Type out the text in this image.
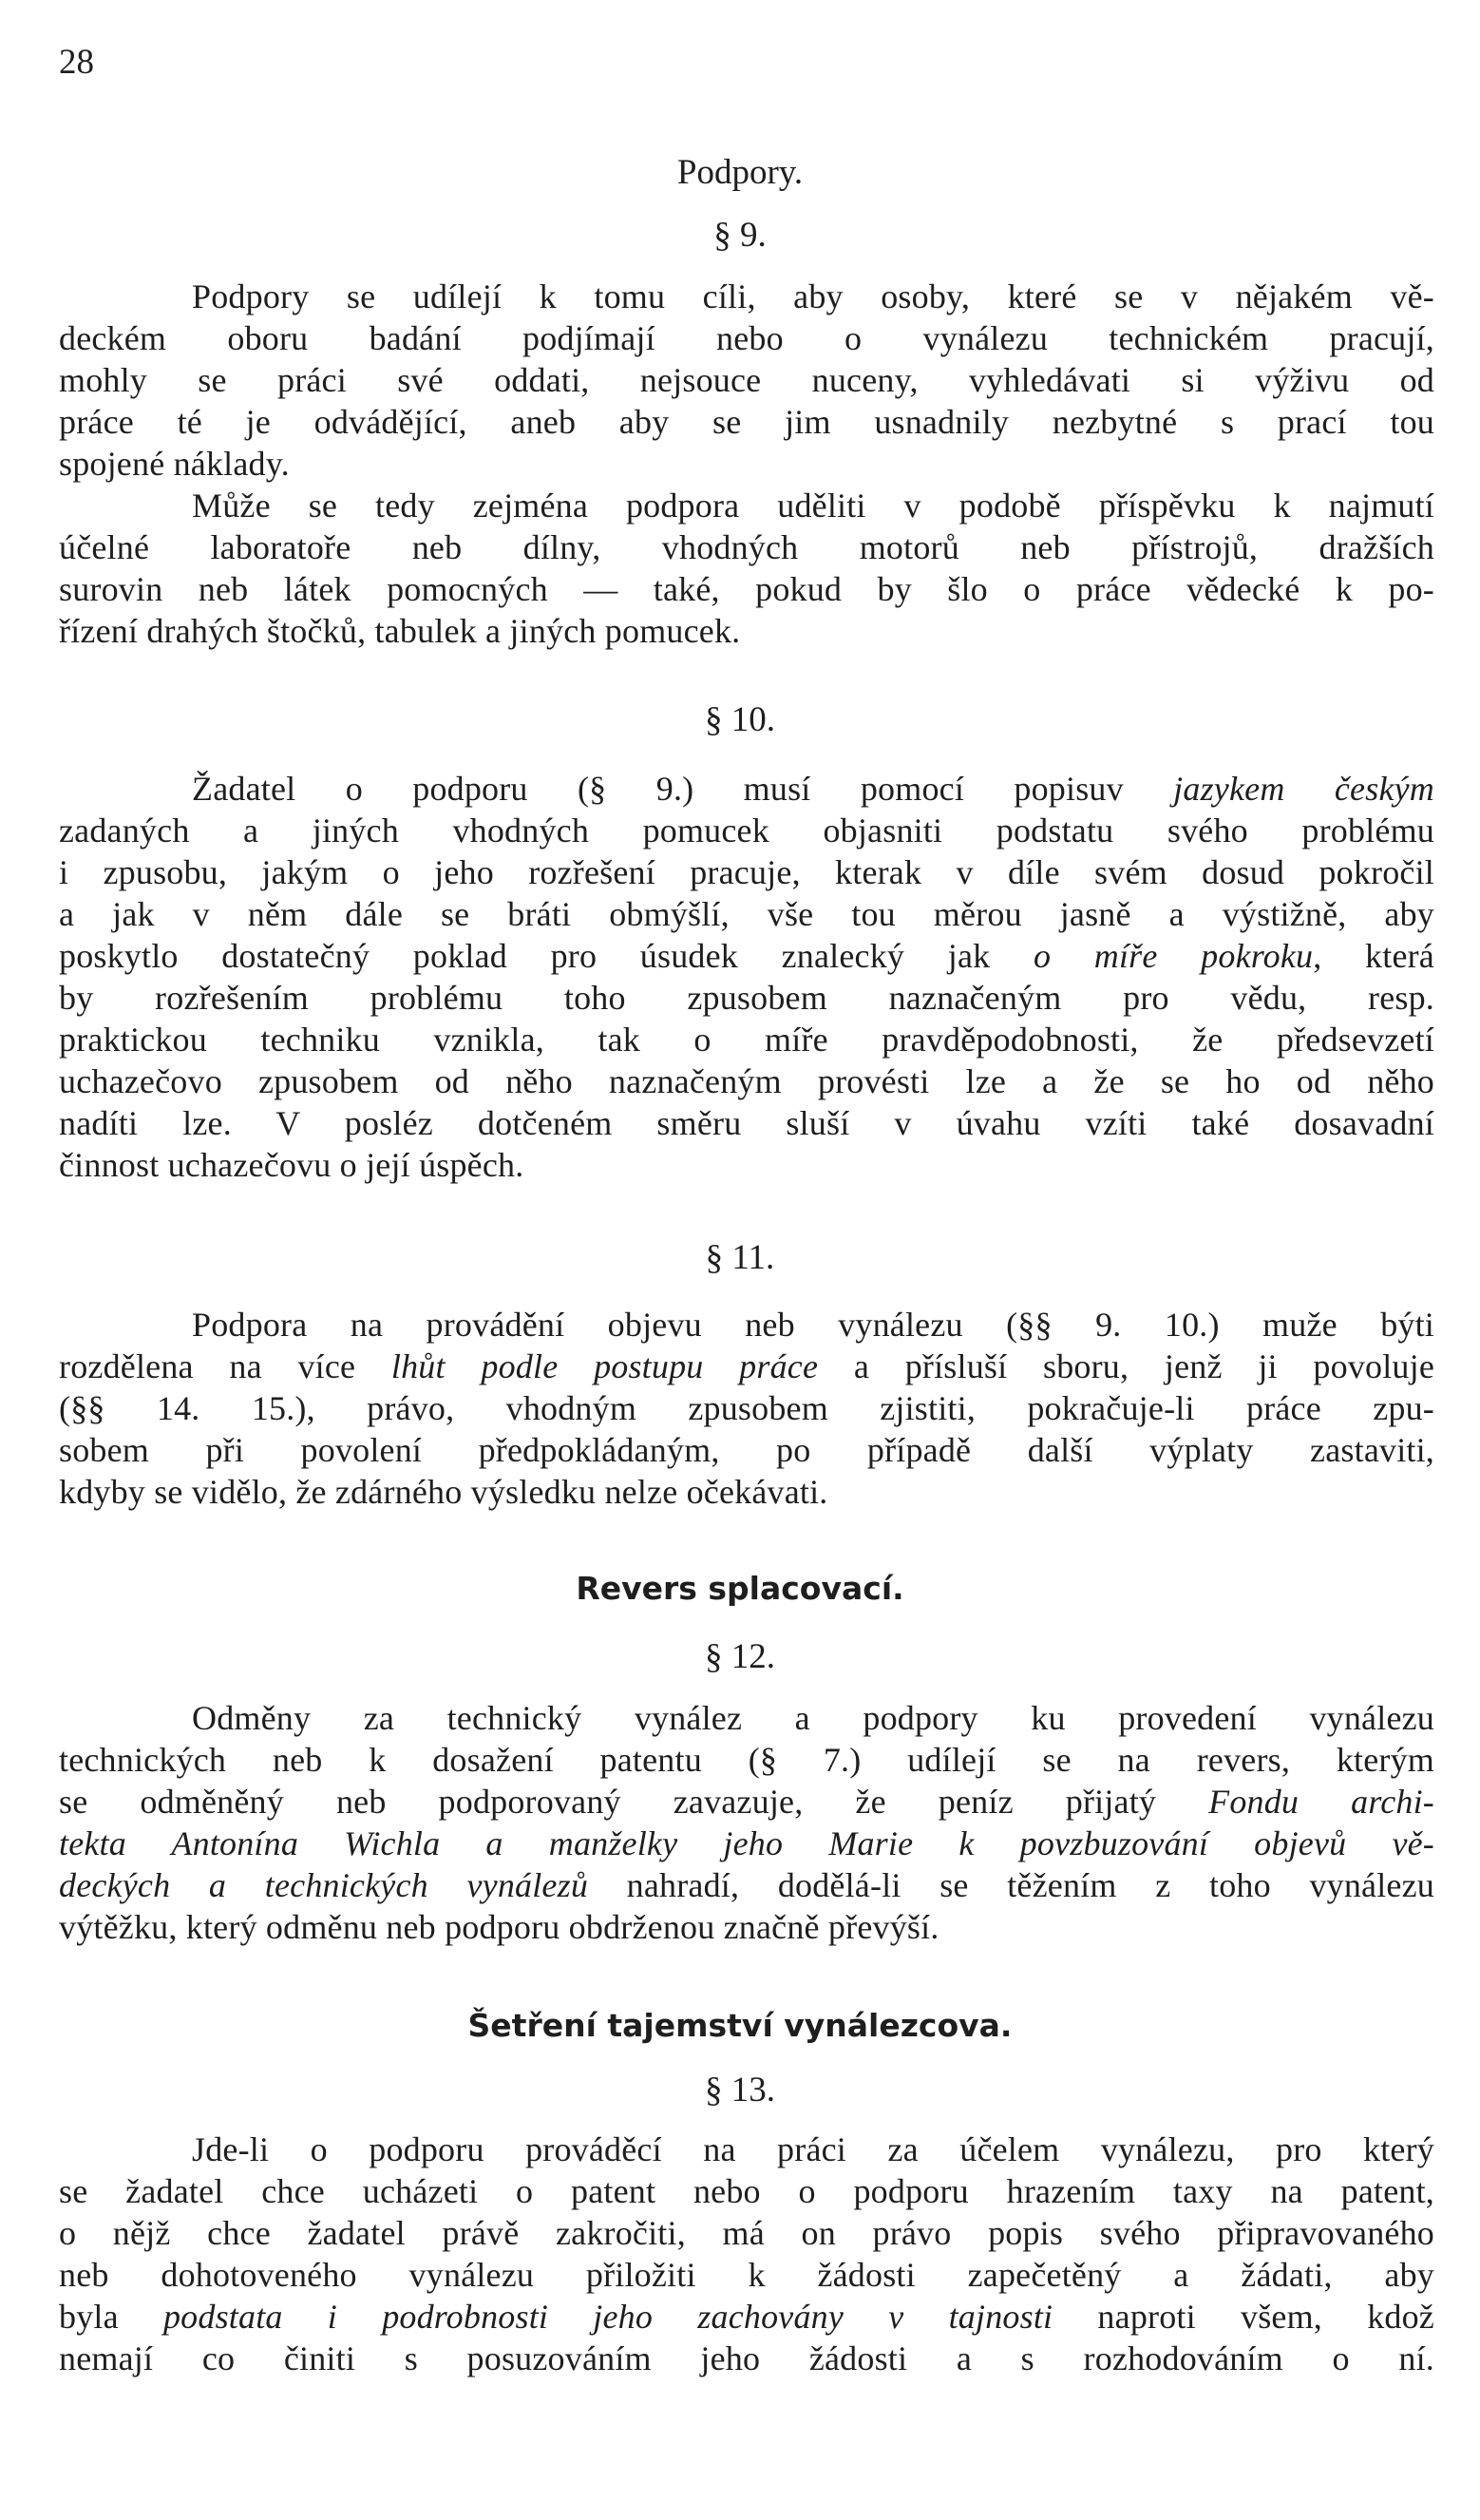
28
Podpory.
§ 9.
Podpory se udílejí k tomu cíli, aby osoby, které se v nějakém vě-
deckém oboru badání podjímají nebo o vynálezu technickém pracují,
mohly se práci své oddati, nejsouce nuceny, vyhledávati si výživu od
práce té je odvádějící, aneb aby se jim usnadnily nezbytné s prací tou
spojené náklady.
Může se tedy zejména podpora uděliti v podobě příspěvku k najmutí
účelné laboratoře neb dílny, vhodných motorů neb přístrojů, dražších
surovin neb látek pomocných — také, pokud by šlo o práce vědecké k po-
řízení drahých štočků, tabulek a jiných pomucek.
§ 10.
Žadatel o podporu (§ 9.) musí pomocí popisuv jazykem českým
zadaných a jiných vhodných pomucek objasniti podstatu svého problému
i zpusobu, jakým o jeho rozřešení pracuje, kterak v díle svém dosud pokročil
a jak v něm dále se bráti obmýšlí, vše tou měrou jasně a výstižně, aby
poskytlo dostatečný poklad pro úsudek znalecký jak o míře pokroku, která
by rozřešením problému toho zpusobem naznačeným pro vědu, resp.
praktickou techniku vznikla, tak o míře pravděpodobnosti, že předsevzetí
uchazečovo zpusobem od něho naznačeným provésti lze a že se ho od něho
nadíti lze. V posléz dotčeném směru sluší v úvahu vzíti také dosavadní
činnost uchazečovu o její úspěch.
§ 11.
Podpora na provádění objevu neb vynálezu (§§ 9. 10.) muže býti
rozdělena na více lhůt podle postupu práce a přísluší sboru, jenž ji povoluje
(§§ 14. 15.), právo, vhodným zpusobem zjistiti, pokračuje-li práce zpu-
sobem při povolení předpokládaným, po případě další výplaty zastaviti,
kdyby se vidělo, že zdárného výsledku nelze očekávati.
Revers splacovací.
§ 12.
Odměny za technický vynález a podpory ku provedení vynálezu
technických neb k dosažení patentu (§ 7.) udílejí se na revers, kterým
se odměněný neb podporovaný zavazuje, že peníz přijatý Fondu archi-
tekta Antonína Wichla a manželky jeho Marie k povzbuzování objevů vě-
deckých a technických vynálezů nahradí, dodělá-li se těžením z toho vynálezu
výtěžku, který odměnu neb podporu obdrženou značně převýší.
Šetření tajemství vynálezcova.
§ 13.
Jde-li o podporu prováděcí na práci za účelem vynálezu, pro který
se žadatel chce ucházeti o patent nebo o podporu hrazením taxy na patent,
o nějž chce žadatel právě zakročiti, má on právo popis svého připravovaného
neb dohotoveného vynálezu přiložiti k žádosti zapečetěný a žádati, aby
byla podstata i podrobnosti jeho zachovány v tajnosti naproti všem, kdož
nemají co činiti s posuzováním jeho žádosti a s rozhodováním o ní.
